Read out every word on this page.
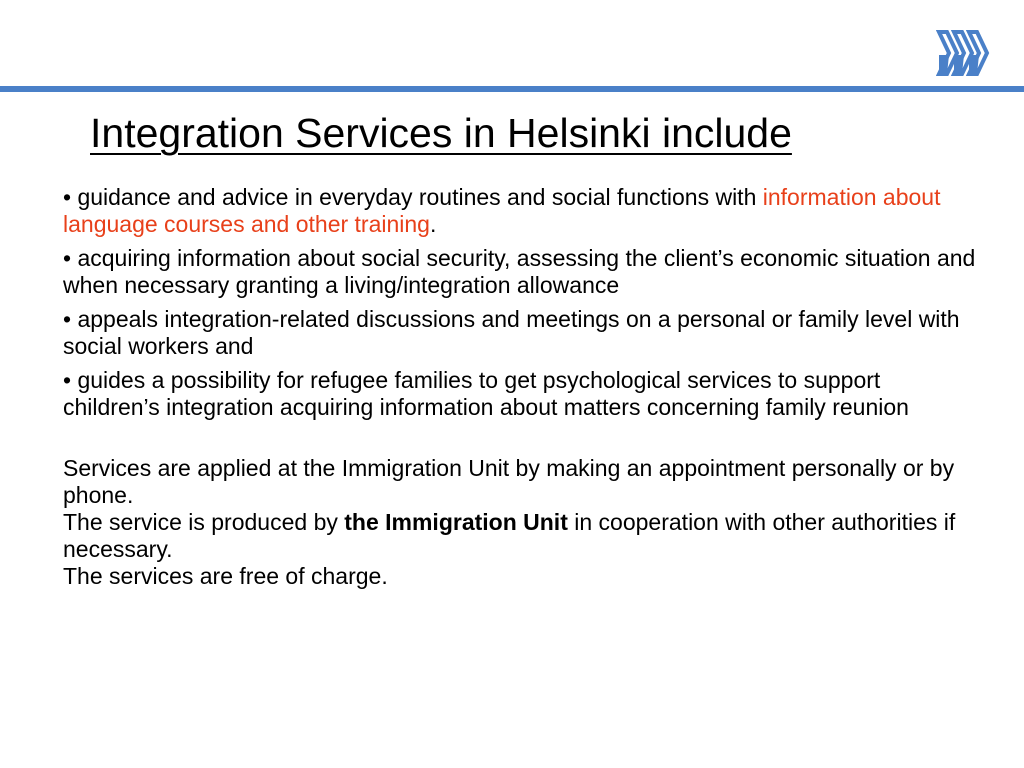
Integration Services in Helsinki include

• guidance and advice in everyday routines and social functions with information about language courses and other training.

• acquiring information about social security, assessing the client’s economic situation and when necessary granting a living/integration allowance

• appeals integration-related discussions and meetings on a personal or family level with social workers and

• guides a possibility for refugee families to get psychological services to support children’s integration acquiring information about matters concerning family reunion

Services are applied at the Immigration Unit by making an appointment personally or by phone.

The service is produced by the Immigration Unit in cooperation with other authorities if necessary.

The services are free of charge.
